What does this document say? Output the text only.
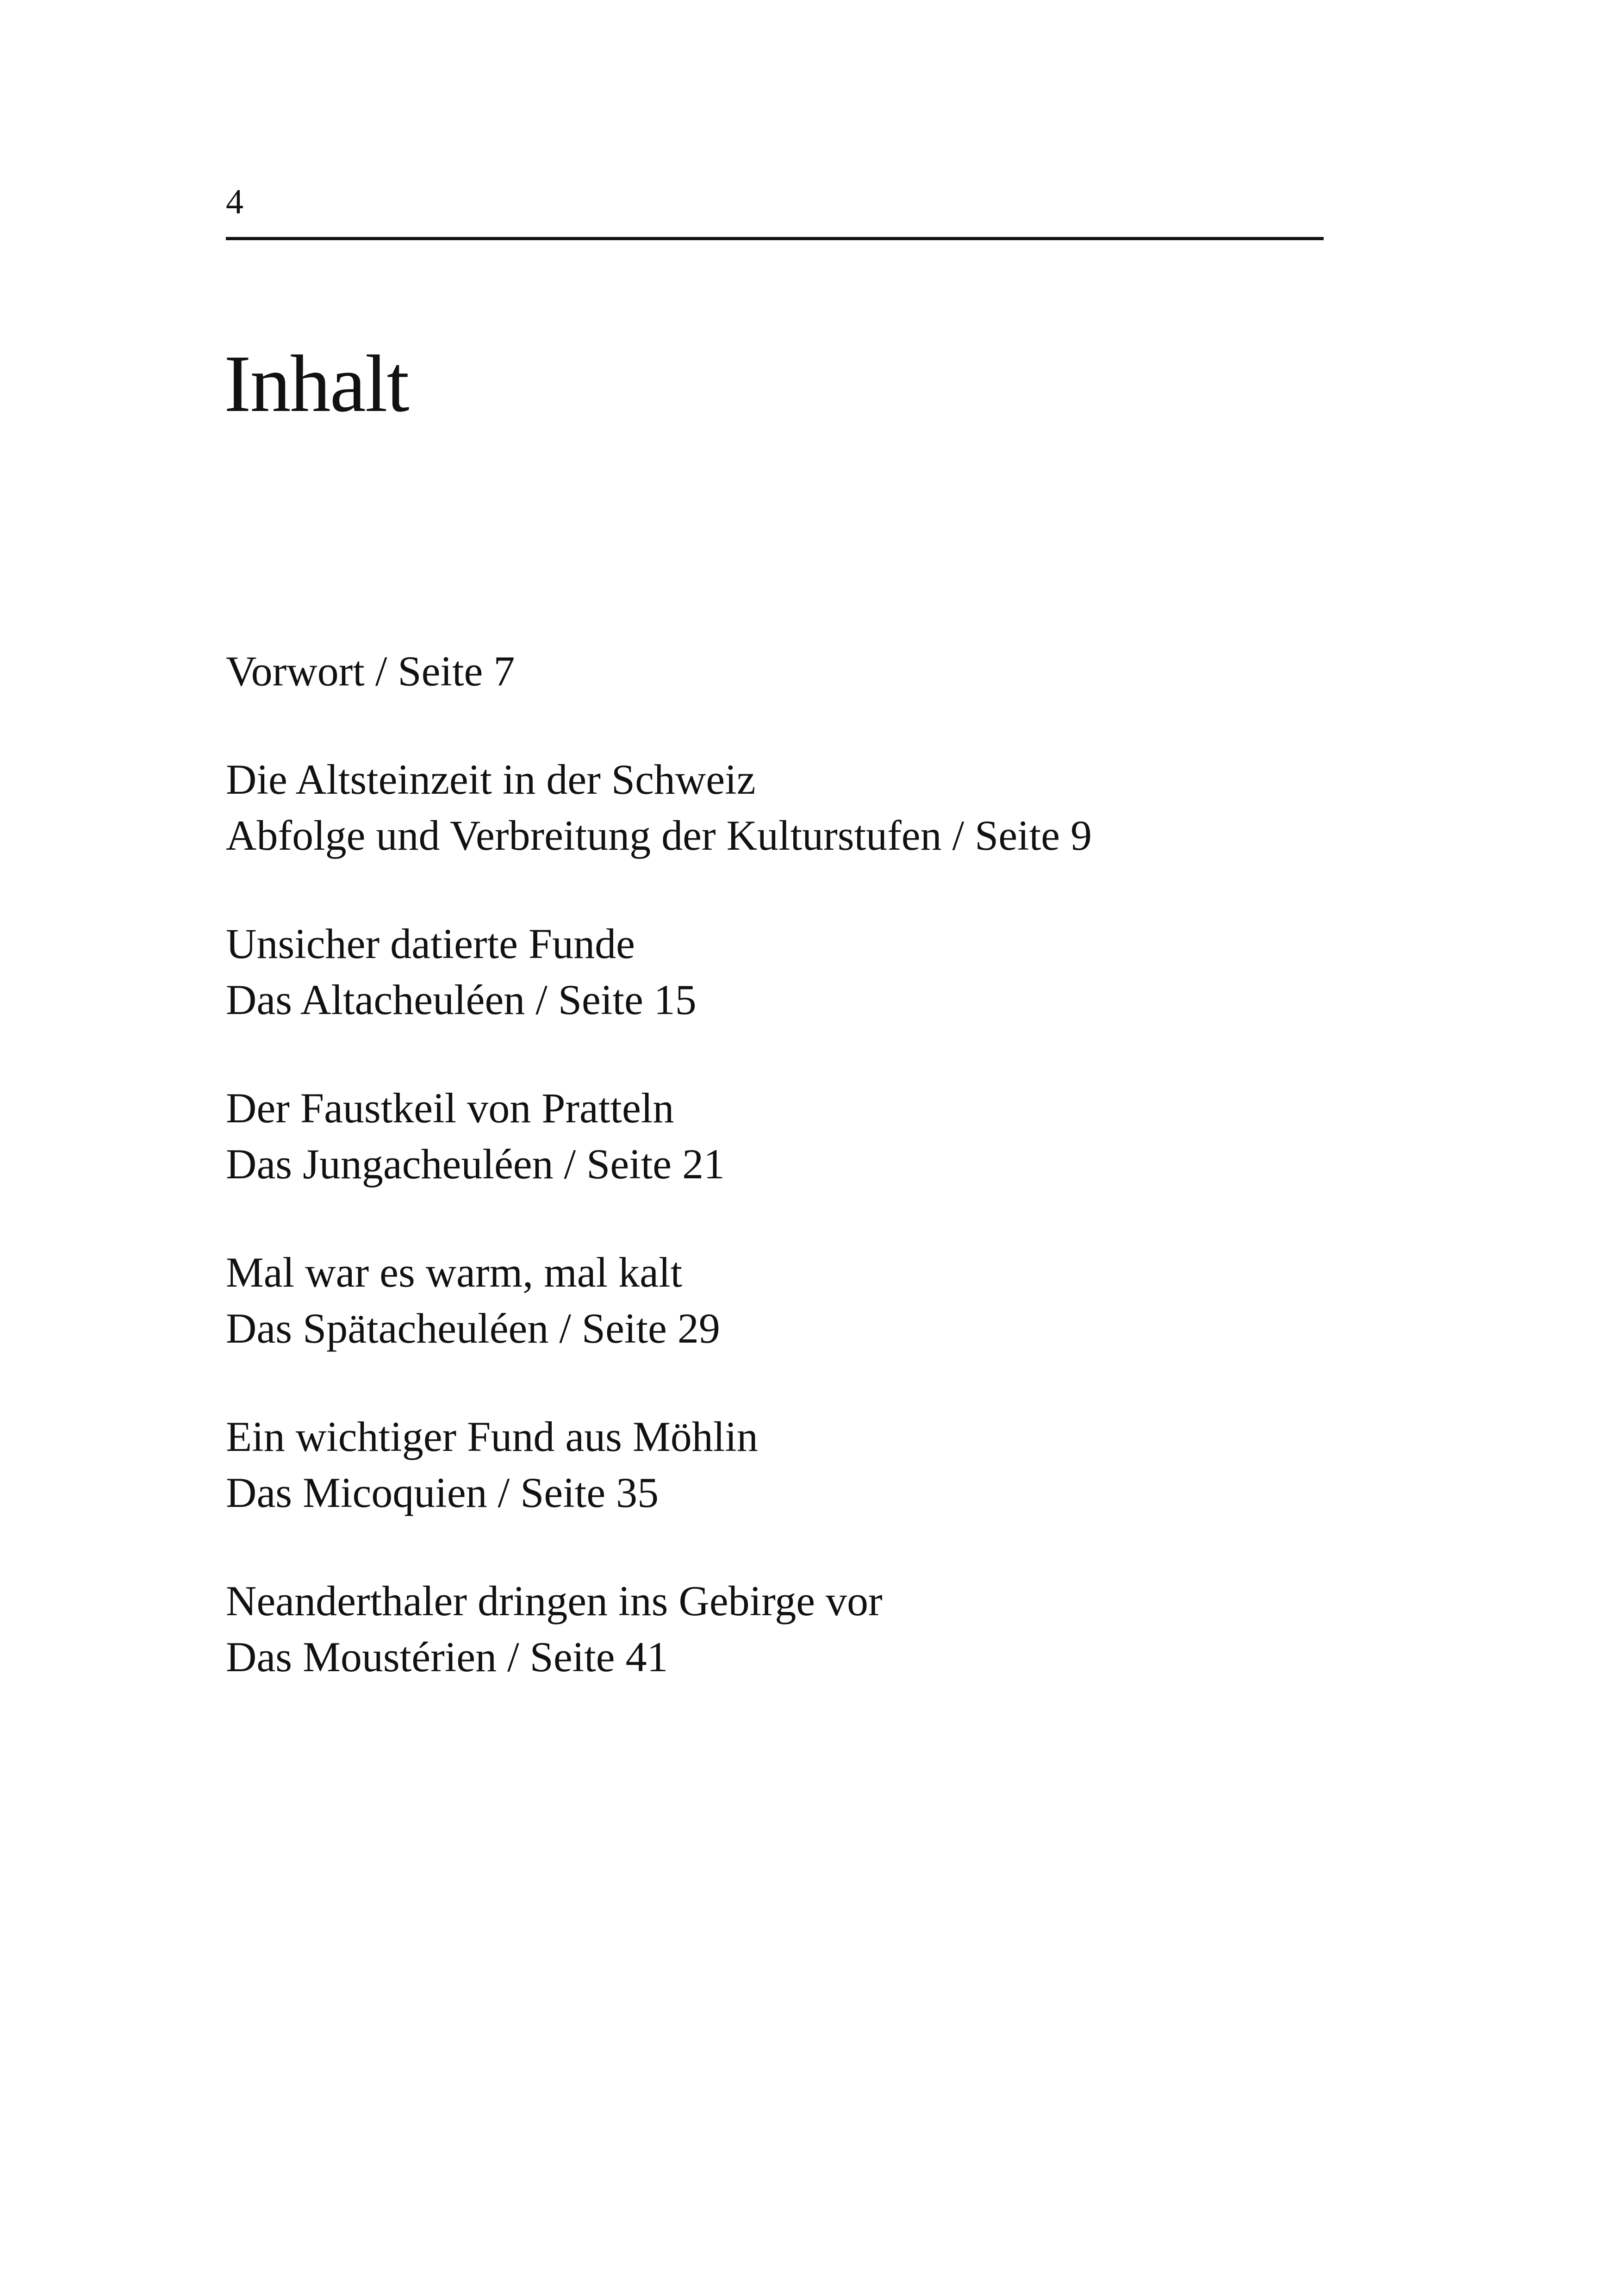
4

Inhalt
Vorwort / Seite 7
Die Altsteinzeit in der Schweiz
Abfolge und Verbreitung der Kulturstufen / Seite 9
Unsicher datierte Funde
Das Altacheuléen / Seite 15
Der Faustkeil von Pratteln
Das Jungacheuléen / Seite 21
Mal war es warm, mal kalt
Das Spätacheuléen / Seite 29
Ein wichtiger Fund aus Möhlin
Das Micoquien / Seite 35
Neanderthaler dringen ins Gebirge vor
Das Moustérien / Seite 41
